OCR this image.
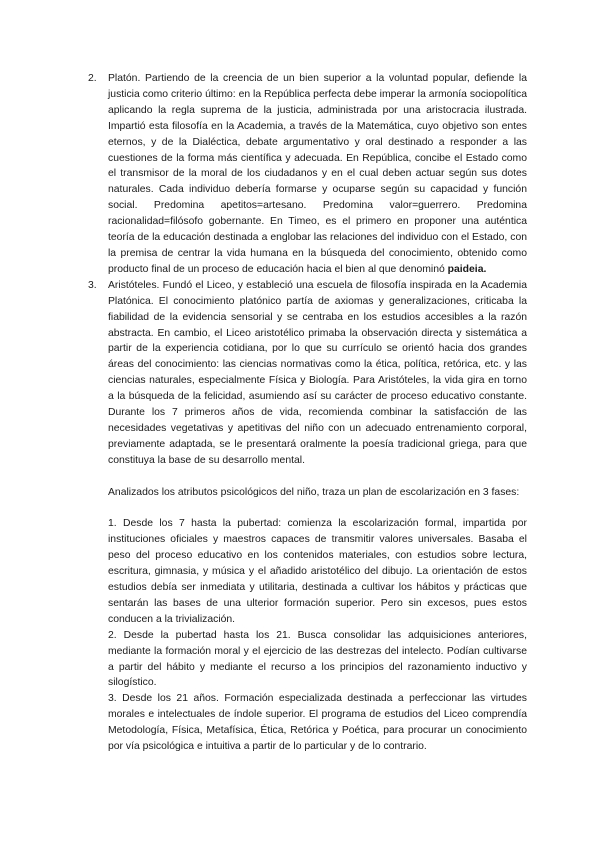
2. Platón. Partiendo de la creencia de un bien superior a la voluntad popular, defiende la justicia como criterio último: en la República perfecta debe imperar la armonía sociopolítica aplicando la regla suprema de la justicia, administrada por una aristocracia ilustrada. Impartió esta filosofía en la Academia, a través de la Matemática, cuyo objetivo son entes eternos, y de la Dialéctica, debate argumentativo y oral destinado a responder a las cuestiones de la forma más científica y adecuada. En República, concibe el Estado como el transmisor de la moral de los ciudadanos y en el cual deben actuar según sus dotes naturales. Cada individuo debería formarse y ocuparse según su capacidad y función social. Predomina apetitos=artesano. Predomina valor=guerrero. Predomina racionalidad=filósofo gobernante. En Timeo, es el primero en proponer una auténtica teoría de la educación destinada a englobar las relaciones del individuo con el Estado, con la premisa de centrar la vida humana en la búsqueda del conocimiento, obtenido como producto final de un proceso de educación hacia el bien al que denominó paideia.

3. Aristóteles. Fundó el Liceo, y estableció una escuela de filosofía inspirada en la Academia Platónica. El conocimiento platónico partía de axiomas y generalizaciones, criticaba la fiabilidad de la evidencia sensorial y se centraba en los estudios accesibles a la razón abstracta. En cambio, el Liceo aristotélico primaba la observación directa y sistemática a partir de la experiencia cotidiana, por lo que su currículo se orientó hacia dos grandes áreas del conocimiento: las ciencias normativas como la ética, política, retórica, etc. y las ciencias naturales, especialmente Física y Biología. Para Aristóteles, la vida gira en torno a la búsqueda de la felicidad, asumiendo así su carácter de proceso educativo constante. Durante los 7 primeros años de vida, recomienda combinar la satisfacción de las necesidades vegetativas y apetitivas del niño con un adecuado entrenamiento corporal, previamente adaptada, se le presentará oralmente la poesía tradicional griega, para que constituya la base de su desarrollo mental.

Analizados los atributos psicológicos del niño, traza un plan de escolarización en 3 fases:

1. Desde los 7 hasta la pubertad: comienza la escolarización formal, impartida por instituciones oficiales y maestros capaces de transmitir valores universales. Basaba el peso del proceso educativo en los contenidos materiales, con estudios sobre lectura, escritura, gimnasia, y música y el añadido aristotélico del dibujo. La orientación de estos estudios debía ser inmediata y utilitaria, destinada a cultivar los hábitos y prácticas que sentarán las bases de una ulterior formación superior. Pero sin excesos, pues estos conducen a la trivialización.

2. Desde la pubertad hasta los 21. Busca consolidar las adquisiciones anteriores, mediante la formación moral y el ejercicio de las destrezas del intelecto. Podían cultivarse a partir del hábito y mediante el recurso a los principios del razonamiento inductivo y silogístico.

3. Desde los 21 años. Formación especializada destinada a perfeccionar las virtudes morales e intelectuales de índole superior. El programa de estudios del Liceo comprendía Metodología, Física, Metafísica, Ética, Retórica y Poética, para procurar un conocimiento por vía psicológica e intuitiva a partir de lo particular y de lo contrario.
